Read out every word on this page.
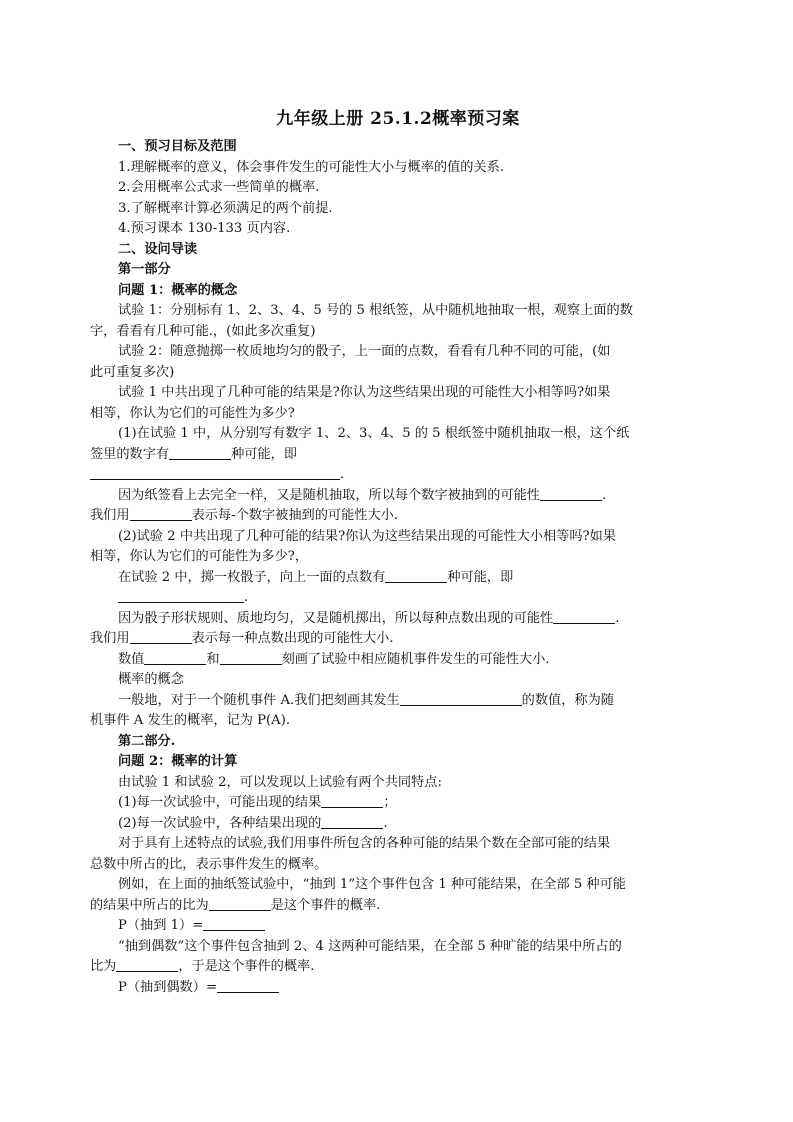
九年级上册 25.1.2概率预习案

一、预习目标及范围

1.理解概率的意义，体会事件发生的可能性大小与概率的值的关系.

2.会用概率公式求一些简单的概率.

3.了解概率计算必须满足的两个前提.

4.预习课本 130-133 页内容.

二、设问导读

第一部分

问题 1：概率的概念

试验 1：分别标有 1、2、3、4、5 号的 5 根纸签，从中随机地抽取一根，观察上面的数

字，看看有几种可能.，(如此多次重复)

试验 2：随意抛掷一枚质地均匀的骰子，上一面的点数，看看有几种不同的可能，(如

此可重复多次)

试验 1 中共出现了几种可能的结果是?你认为这些结果出现的可能性大小相等吗?如果

相等，你认为它们的可能性为多少?

(1)在试验 1 中，从分别写有数字 1、2、3、4、5 的 5 根纸签中随机抽取一根，这个纸

签里的数字有	种可能，即

.

因为纸签看上去完全一样，又是随机抽取，所以每个数字被抽到的可能性	.

我们用	表示每-个数字被抽到的可能性大小.

(2)试验 2 中共出现了几种可能的结果?你认为这些结果出现的可能性大小相等吗?如果

相等，你认为它们的可能性为多少?，

在试验 2 中，掷一枚骰子，向上一面的点数有	种可能，即

.

因为骰子形状规则、质地均匀，又是随机掷出，所以每种点数出现的可能性	.

我们用	表示每一种点数出现的可能性大小.

数值	和	刻画了试验中相应随机事件发生的可能性大小.

概率的概念

一般地，对于一个随机事件 A.我们把刻画其发生	的数值，称为随

机事件 A 发生的概率，记为 P(A).

第二部分.

问题 2：概率的计算

由试验 1 和试验 2，可以发现以上试验有两个共同特点:

(1)每一次试验中，可能出现的结果	；

(2)每一次试验中，各种结果出现的	.

对于具有上述特点的试验,我们用事件所包含的各种可能的结果个数在全部可能的结果

总数中所占的比，表示事件发生的概率。

例如，在上面的抽纸签试验中，“抽到 1”这个事件包含 1 种可能结果，在全部 5 种可能

的结果中所占的比为	是这个事件的概率.

P（抽到 1）=

“抽到偶数”这个事件包含抽到 2、4 这两种可能结果，在全部 5 种旷能的结果中所占的

比为	，于是这个事件的概率.

P（抽到偶数）=
